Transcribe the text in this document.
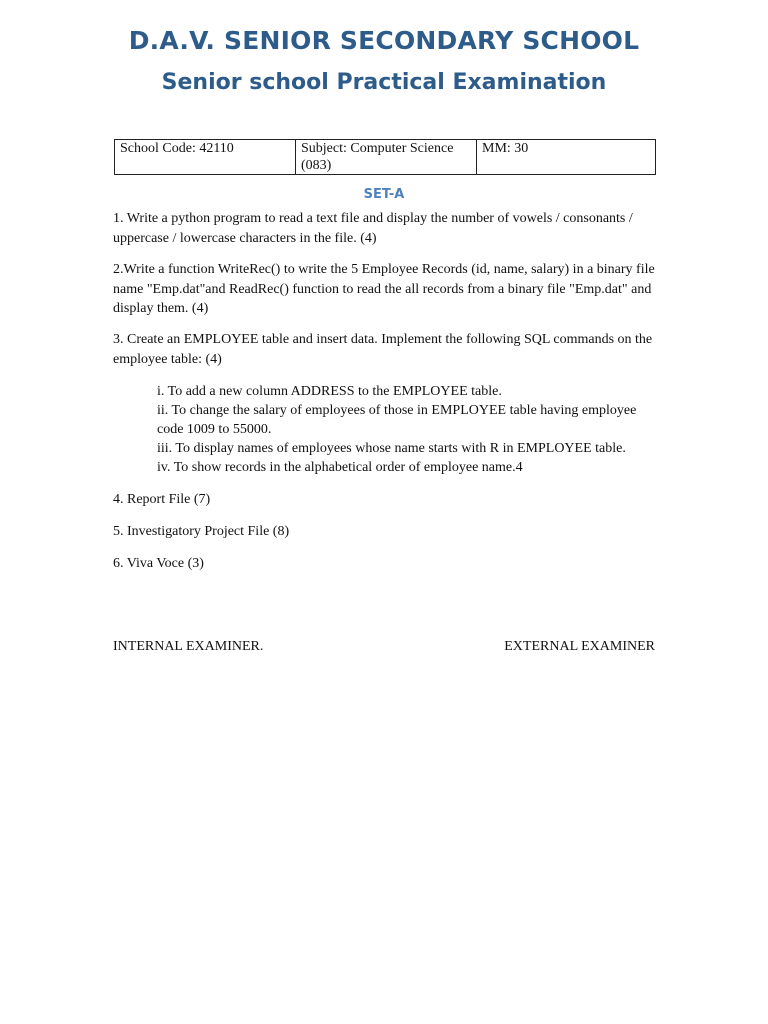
D.A.V. SENIOR SECONDARY SCHOOL
Senior school Practical Examination
School Code: 42110	Subject: Computer Science (083)	MM: 30
SET-A

1. Write a python program to read a text file and display the number of vowels / consonants / uppercase / lowercase characters in the file. (4)

2.Write a function WriteRec() to write the 5 Employee Records (id, name, salary) in a binary file name "Emp.dat"and ReadRec() function to read the all records from a binary file "Emp.dat" and display them. (4)

3. Create an EMPLOYEE table and insert data. Implement the following SQL commands on the employee table: (4)

i. To add a new column ADDRESS to the EMPLOYEE table.
ii. To change the salary of employees of those in EMPLOYEE table having employee code 1009 to 55000.
iii. To display names of employees whose name starts with R in EMPLOYEE table.
iv. To show records in the alphabetical order of employee name.4

4. Report File (7)

5. Investigatory Project File (8)

6. Viva Voce (3)

INTERNAL EXAMINER.	EXTERNAL EXAMINER
